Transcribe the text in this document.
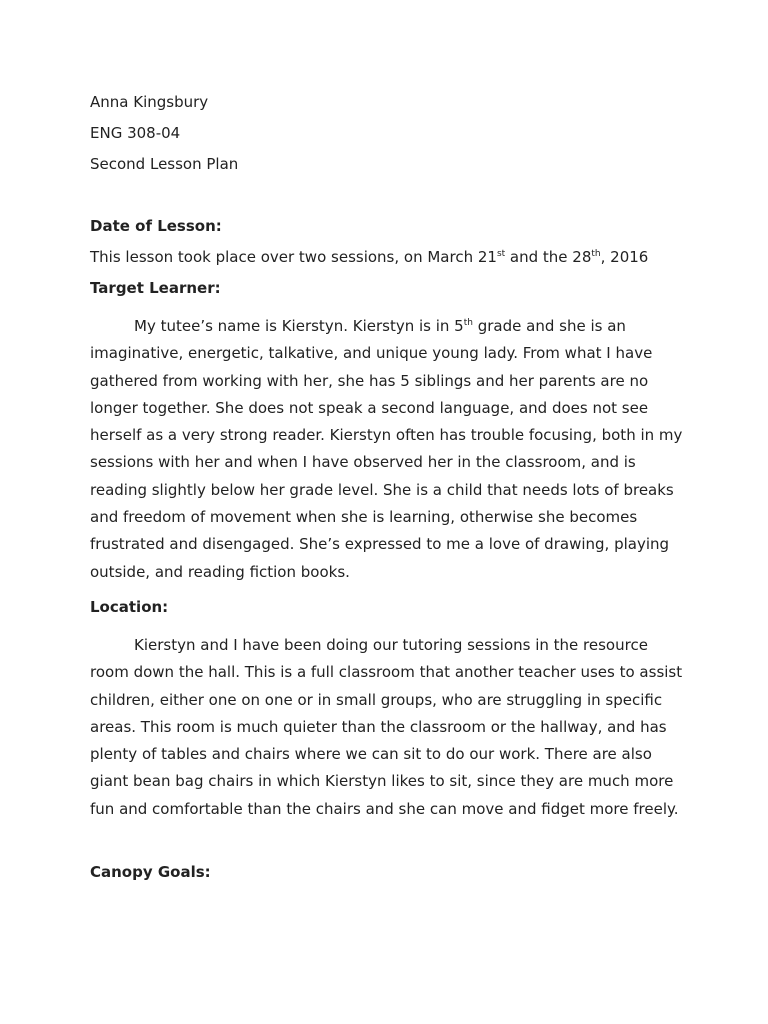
Anna Kingsbury
ENG 308-04
Second Lesson Plan
Date of Lesson:
This lesson took place over two sessions, on March 21st and the 28th, 2016
Target Learner:

My tutee’s name is Kierstyn. Kierstyn is in 5th grade and she is an imaginative, energetic, talkative, and unique young lady. From what I have gathered from working with her, she has 5 siblings and her parents are no longer together. She does not speak a second language, and does not see herself as a very strong reader. Kierstyn often has trouble focusing, both in my sessions with her and when I have observed her in the classroom, and is reading slightly below her grade level. She is a child that needs lots of breaks and freedom of movement when she is learning, otherwise she becomes frustrated and disengaged. She’s expressed to me a love of drawing, playing outside, and reading fiction books.

Location:

Kierstyn and I have been doing our tutoring sessions in the resource room down the hall. This is a full classroom that another teacher uses to assist children, either one on one or in small groups, who are struggling in specific areas. This room is much quieter than the classroom or the hallway, and has plenty of tables and chairs where we can sit to do our work. There are also giant bean bag chairs in which Kierstyn likes to sit, since they are much more fun and comfortable than the chairs and she can move and fidget more freely.

Canopy Goals:
